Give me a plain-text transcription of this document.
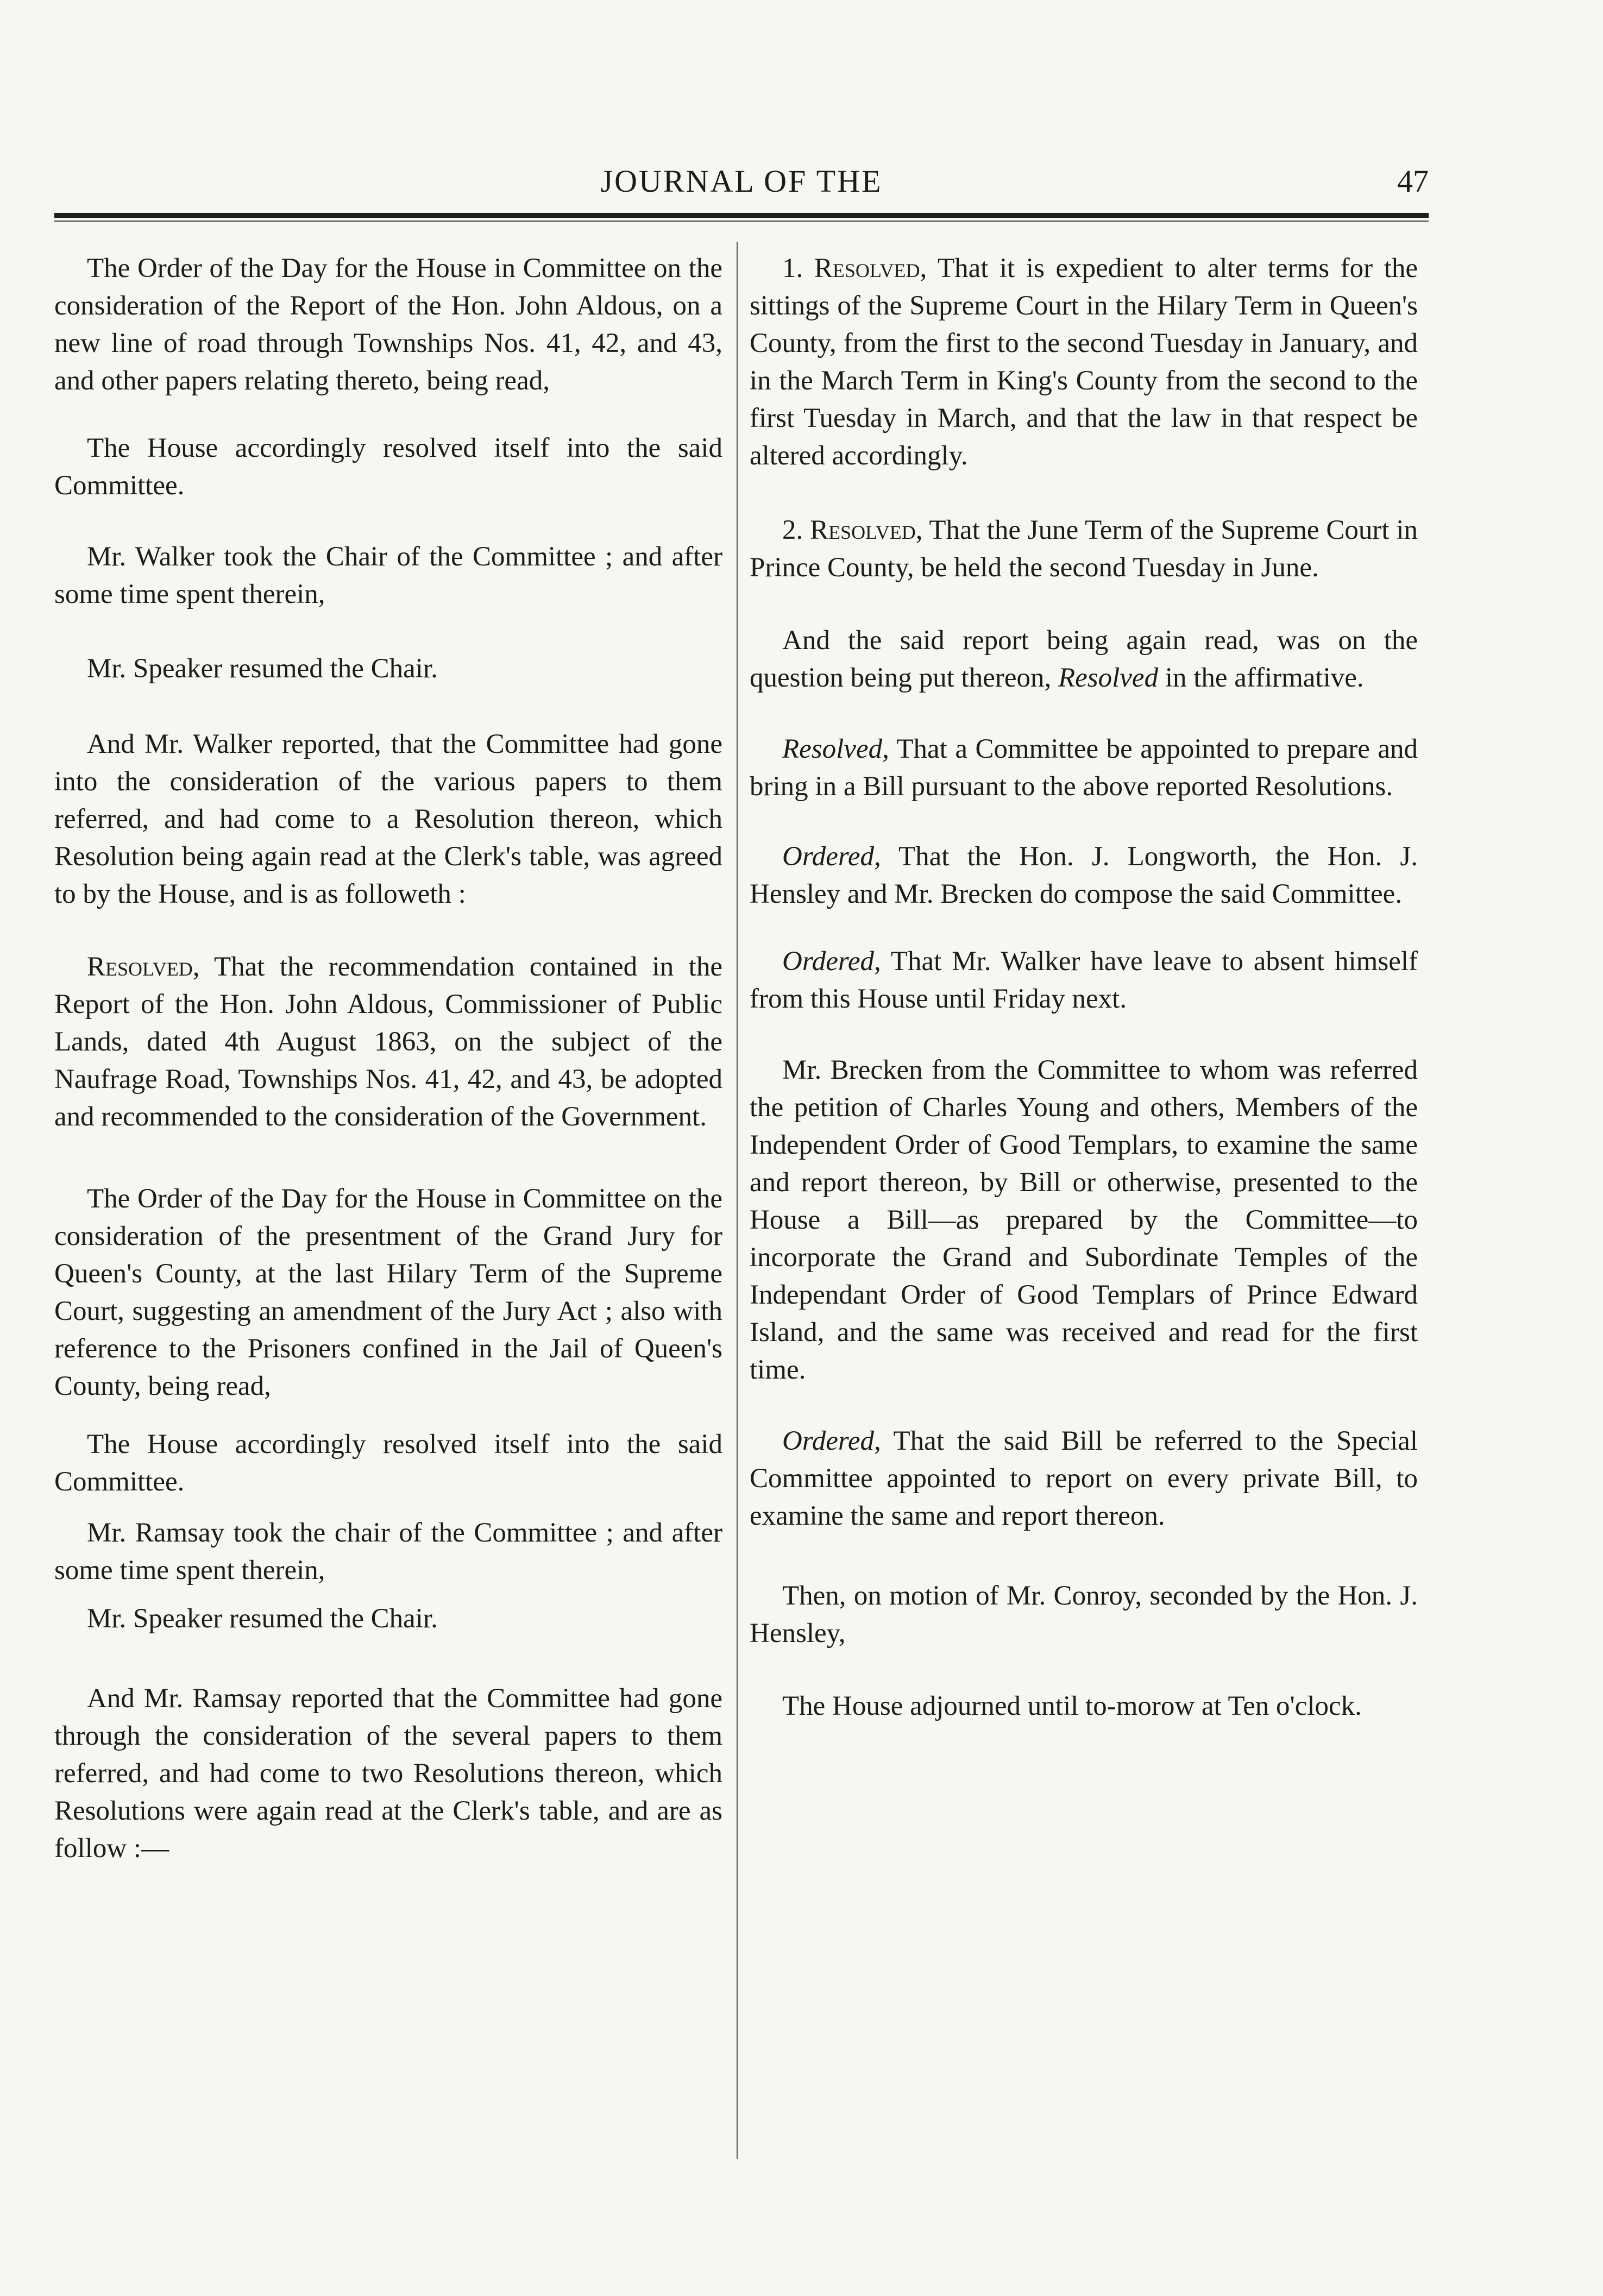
JOURNAL OF THE	47

The Order of the Day for the House in Committee on the consideration of the Report of the Hon. John Aldous, on a new line of road through Townships Nos. 41, 42, and 43, and other papers relating thereto, being read,

The House accordingly resolved itself into the said Committee.

Mr. Walker took the Chair of the Committee ; and after some time spent therein,

Mr. Speaker resumed the Chair.

And Mr. Walker reported, that the Committee had gone into the consideration of the various papers to them referred, and had come to a Resolution thereon, which Resolution being again read at the Clerk's table, was agreed to by the House, and is as followeth :

Resolved, That the recommendation contained in the Report of the Hon. John Aldous, Commissioner of Public Lands, dated 4th August 1863, on the subject of the Naufrage Road, Townships Nos. 41, 42, and 43, be adopted and recommended to the consideration of the Government.

The Order of the Day for the House in Committee on the consideration of the presentment of the Grand Jury for Queen's County, at the last Hilary Term of the Supreme Court, suggesting an amendment of the Jury Act ; also with reference to the Prisoners confined in the Jail of Queen's County, being read,

The House accordingly resolved itself into the said Committee.

Mr. Ramsay took the chair of the Committee ; and after some time spent therein,

Mr. Speaker resumed the Chair.

And Mr. Ramsay reported that the Committee had gone through the consideration of the several papers to them referred, and had come to two Resolutions thereon, which Resolutions were again read at the Clerk's table, and are as follow :—

1. Resolved, That it is expedient to alter terms for the sittings of the Supreme Court in the Hilary Term in Queen's County, from the first to the second Tuesday in January, and in the March Term in King's County from the second to the first Tuesday in March, and that the law in that respect be altered accordingly.

2. Resolved, That the June Term of the Supreme Court in Prince County, be held the second Tuesday in June.

And the said report being again read, was on the question being put thereon, Resolved in the affirmative.

Resolved, That a Committee be appointed to prepare and bring in a Bill pursuant to the above reported Resolutions.

Ordered, That the Hon. J. Longworth, the Hon. J. Hensley and Mr. Brecken do compose the said Committee.

Ordered, That Mr. Walker have leave to absent himself from this House until Friday next.

Mr. Brecken from the Committee to whom was referred the petition of Charles Young and others, Members of the Independent Order of Good Templars, to examine the same and report thereon, by Bill or otherwise, presented to the House a Bill—as prepared by the Committee—to incorporate the Grand and Subordinate Temples of the Independant Order of Good Templars of Prince Edward Island, and the same was received and read for the first time.

Ordered, That the said Bill be referred to the Special Committee appointed to report on every private Bill, to examine the same and report thereon.

Then, on motion of Mr. Conroy, seconded by the Hon. J. Hensley,

The House adjourned until to-morow at Ten o'clock.
